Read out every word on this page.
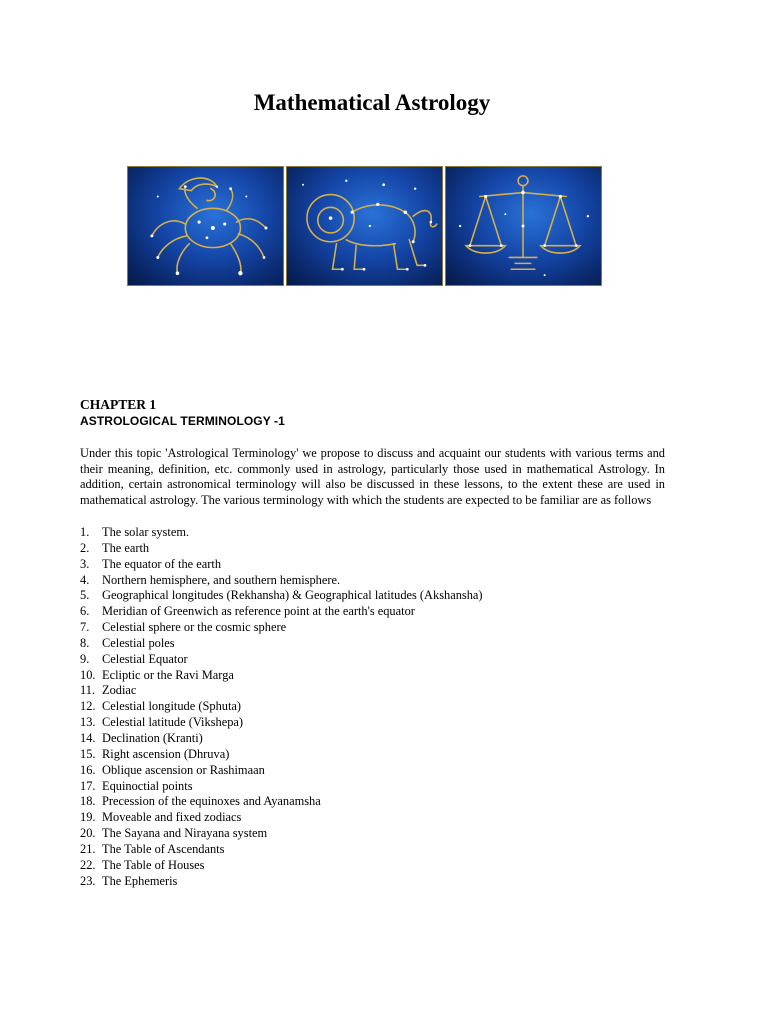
Mathematical Astrology
CHAPTER 1
ASTROLOGICAL TERMINOLOGY -1

Under this topic 'Astrological Terminology' we propose to discuss and acquaint our students with various terms and their meaning, definition, etc. commonly used in astrology, particularly those used in mathematical Astrology. In addition, certain astronomical terminology will also be discussed in these lessons, to the extent these are used in mathematical astrology. The various terminology with which the students are expected to be familiar are as follows

1.	The solar system.
2.	The earth
3.	The equator of the earth
4.	Northern hemisphere, and southern hemisphere.
5.	Geographical longitudes (Rekhansha) & Geographical latitudes (Akshansha)
6.	Meridian of Greenwich as reference point at the earth's equator
7.	Celestial sphere or the cosmic sphere
8.	Celestial poles
9.	Celestial Equator
10. Ecliptic or the Ravi Marga
11. Zodiac
12. Celestial longitude (Sphuta)
13. Celestial latitude (Vikshepa)
14. Declination (Kranti)
15. Right ascension (Dhruva)
16. Oblique ascension or Rashimaan
17. Equinoctial points
18. Precession of the equinoxes and Ayanamsha
19. Moveable and fixed zodiacs
20. The Sayana and Nirayana system
21. The Table of Ascendants
22. The Table of Houses
23. The Ephemeris
